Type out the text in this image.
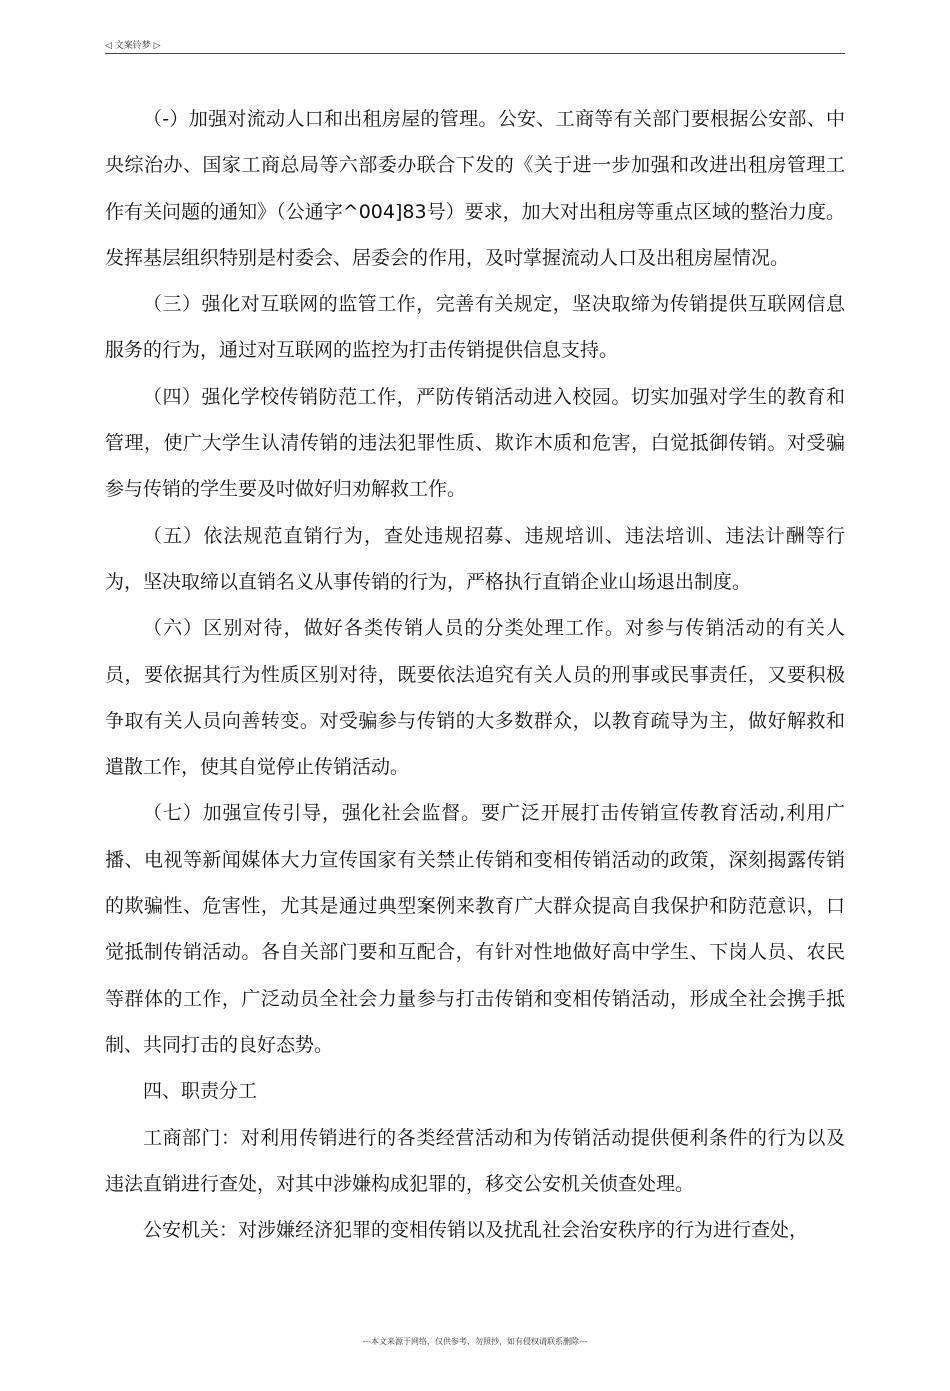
◁ 文案铃梦 ▷

（-）加强对流动人口和出租房屋的管理。公安、工商等有关部门要根据公安部、中央综治办、国家工商总局等六部委办联合下发的《关于进一步加强和改进出租房管理工作有关问题的通知》（公通字^004]83号）要求，加大对出租房等重点区域的整治力度。发挥基层组织特别是村委会、居委会的作用，及吋掌握流动人口及出租房屋情况。

（三）强化对互联网的监管工作，完善有关规定，坚决取缔为传销提供互联网信息服务的行为，通过对互联网的监控为打击传销提供信息支持。

（四）强化学校传销防范工作，严防传销活动进入校园。切实加强对学生的教育和管理，使广大学生认清传销的违法犯罪性质、欺诈木质和危害，白觉抵御传销。对受骗参与传销的学生要及吋做好归劝解救工作。

（五）依法规范直销行为，查处违规招募、违规培训、违法培训、违法计酬等行为，坚决取缔以直销名义从事传销的行为，严格执行直销企业山场退出制度。

（六）区别对待，做好各类传销人员的分类处理工作。对参与传销活动的有关人员，要依据其行为性质区别对待，既要依法追究有关人员的刑事或民事责任，又要积极争取有关人员向善转变。对受骗参与传销的大多数群众，以教育疏导为主，做好解救和遣散工作，使其自觉停止传销活动。

（七）加强宣传引导，强化社会监督。要广泛开展打击传销宣传教育活动,利用广播、电视等新闻媒体大力宣传国家有关禁止传销和变相传销活动的政策，深刻揭露传销的欺骗性、危害性，尤其是通过典型案例来教育广大群众提高自我保护和防范意识，口觉抵制传销活动。各自关部门要和互配合，有针对性地做好高中学生、下岗人员、农民等群体的工作，广泛动员全社会力量参与打击传销和变相传销活动，形成全社会携手抵制、共同打击的良好态势。

四、职责分工

工商部门：对利用传销进行的各类经营活动和为传销活动提供便利条件的行为以及违法直销进行查处，对其中涉嫌构成犯罪的，移交公安机关侦查处理。

公安机关：对涉嫌经济犯罪的变相传销以及扰乱社会治安秩序的行为进行查处，

---本文来源于网络，仅供参考，勿照抄，如有侵权请联系删除---
